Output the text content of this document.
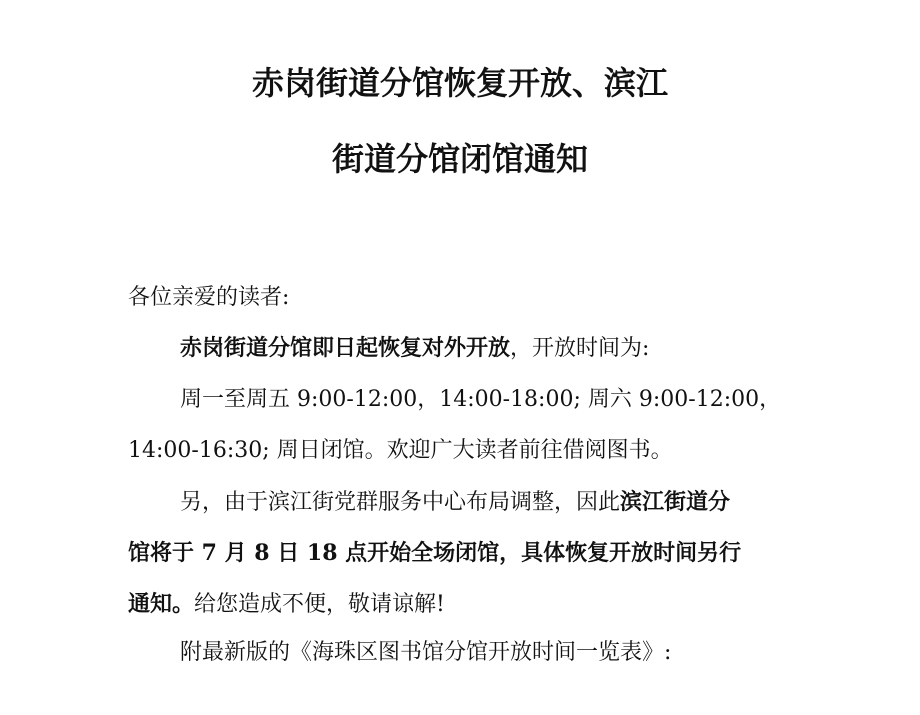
赤岗街道分馆恢复开放、滨江
街道分馆闭馆通知
各位亲爱的读者:
赤岗街道分馆即日起恢复对外开放，开放时间为:
周一至周五 9:00-12:00，14:00-18:00; 周六 9:00-12:00，
14:00-16:30; 周日闭馆。欢迎广大读者前往借阅图书。
另，由于滨江街党群服务中心布局调整，因此滨江街道分
馆将于 7 月 8 日 18 点开始全场闭馆，具体恢复开放时间另行
通知。给您造成不便，敬请谅解!
附最新版的《海珠区图书馆分馆开放时间一览表》:
